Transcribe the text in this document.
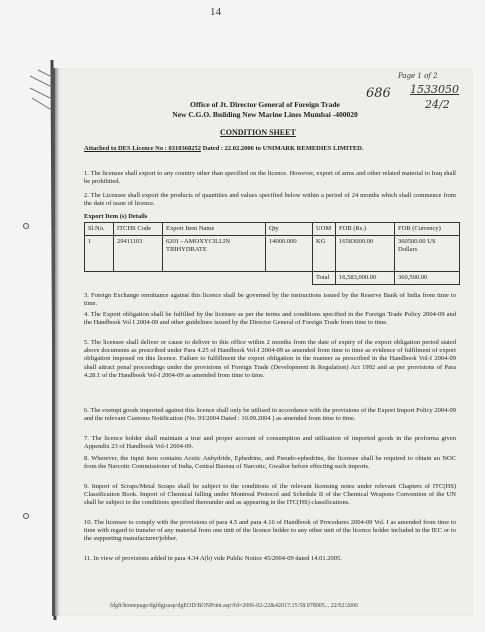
14
Page 1 of 2
686 1533050
24/2
Office of Jt. Director General of Foreign Trade
New C.G.O. Building New Marine Lines Mumbai -400020
CONDITION SHEET
Attached to DES Licence No : 0310368252 Dated : 22.02.2006 to UNIMARK REMEDIES LIMITED.
1. The licensee shall export to any country other than specified on the licence. However, export of arms and other related material to Iraq shall be prohibited.
2. The Licensee shall export the products of quantities and values specified below within a period of 24 months which shall commence from the date of issue of licence.
Export Item (s) Details
Sl.No.	ITCHS Code	Export Item Name	Qty	UOM	FOB (Rs.)	FOB (Currency)
1	29411103	6201 - AMOXYCILLIN TRIHYDRATE	14000.000	KG	16583000.00	360500.00 US Dollars
				Total	16,583,000.00	360,500.00
3. Foreign Exchange remittance against this licence shall be governed by the instructions issued by the Reserve Bank of India from time to time.
4. The Export obligation shall be fulfilled by the licensee as per the terms and conditions specified in the Foreign Trade Policy 2004-09 and the Handbook Vol I 2004-09 and other guidelines issued by the Director General of Foreign Trade from time to time.
5. The licensee shall deliver or cause to deliver to this office within 2 months from the date of expiry of the export obligation period stated above documents as prescribed under Para 4.25 of Handbook Vol-I 2004-09 as amended from time to time as evidence of fulfilment of export obligation imposed on this licence. Failure to fulfillment the export obligation in the manner as prescribed in the Handbook Vol-I 2004-09 shall attract penal proceedings under the provisions of Foreign Trade (Development & Regulation) Act 1992 and as per provisions of Para 4.28.1 of the Handbook Vol-I 2004-09 as amended from time to time.
6. The exempt goods imported against this licence shall only be utilised in accordance with the provisions of the Export Import Policy 2004-09 and the relevant Customs Notification (No. 93/2004 Dated : 10.09.2004 ) as amended from time to time.
7. The licence holder shall maintain a true and proper account of consumption and utilisation of imported goods in the proforma given Appendix 23 of Handbook Vol-I 2004-09.
8. Wherever, the input item contains Acetic Anhydride, Ephedrine, and Pseudo-ephedrine, the licensee shall be required to obtain an NOC from the Narcotic Commissioner of India, Central Bureau of Narcotic, Gwalior before effecting such imports.
9. Import of Scraps/Metal Scraps shall be subject to the conditions of the relevant licensing notes under relevant Chapters of ITC(HS) Classification Book. Import of Chemical falling under Montreal Protocol and Schedule II of the Chemical Weapons Convention of the UN shall be subject to the conditions specified thereunder and as appearing in the ITC(HS) classifications.
10. The licensee to comply with the provisions of para 4.5 and para 4.16 of Handbook of Procedures 2004-09 Vol. I as amended from time to time with regard to transfer of any material from one unit of the licence holder to any other unit of the licence holder included in the IEC or to the supporting manufacturer/jobber.
11. In view of provisions added in para 4.34 A(b) vide Public Notice 45/2004-09 dated 14.01.2005.
fdgft/homepage/dgfdgjsasp/dgEOD/BONPrint.asp?fd=2006-02-22&42017:15:58 078005... 22/02/2006
